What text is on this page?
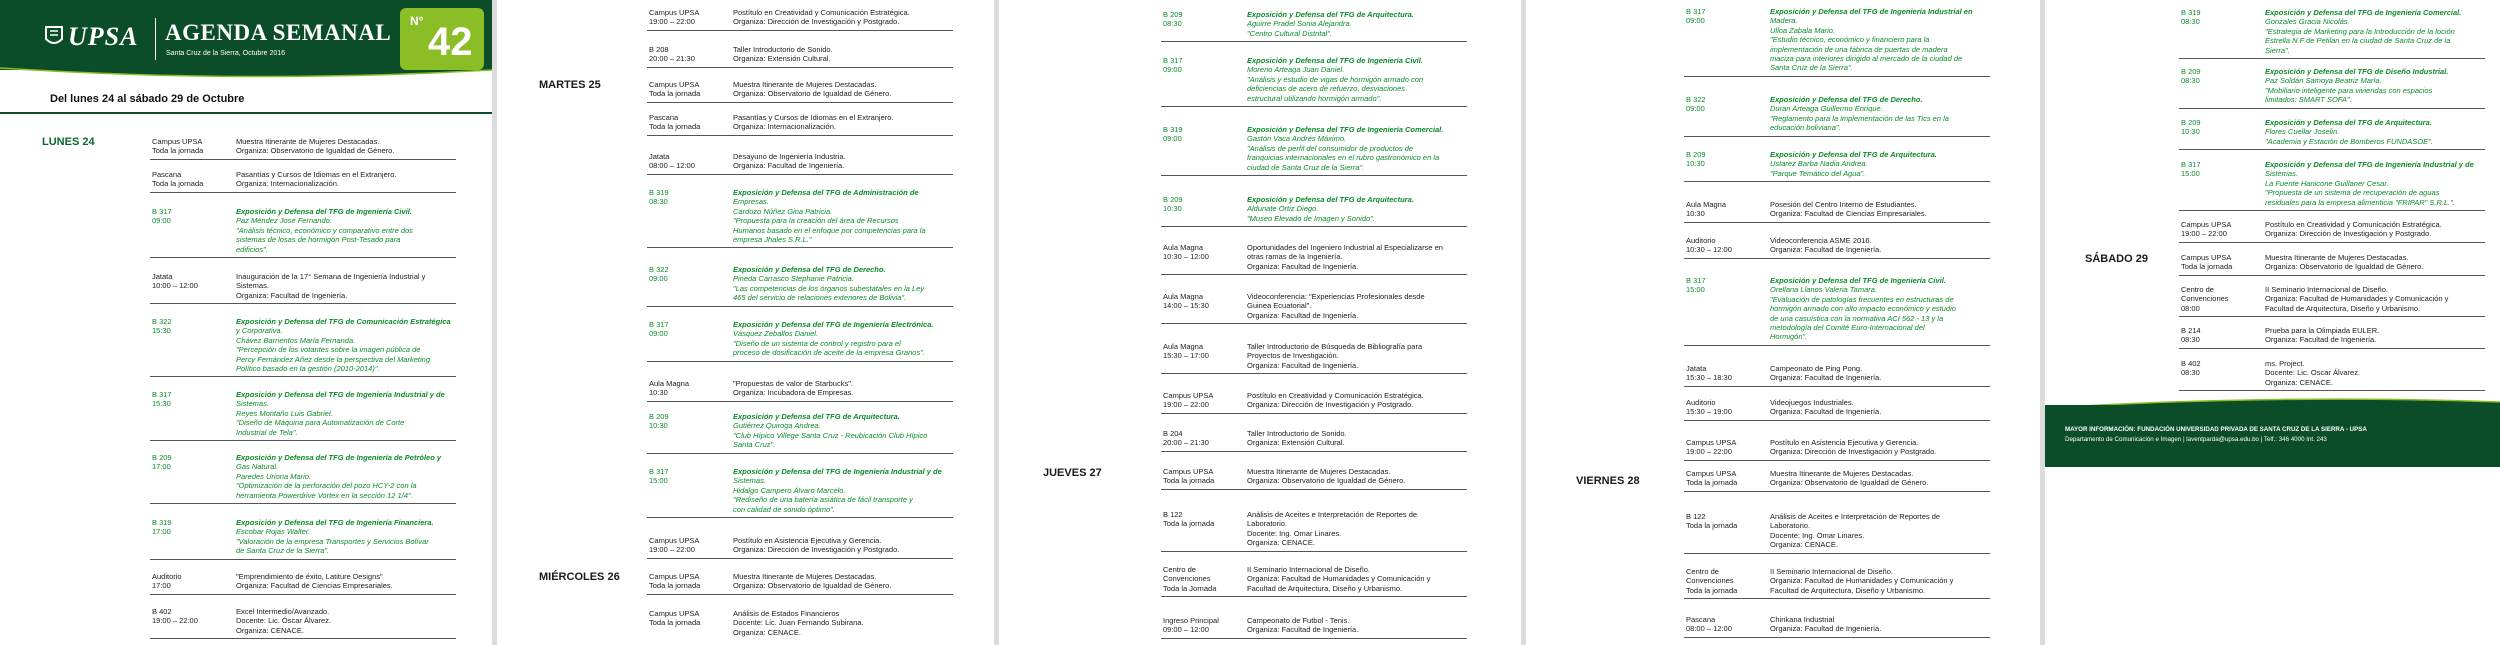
UPSA AGENDA SEMANAL
Santa Cruz de la Sierra, Octubre 2016
N° 42
Del lunes 24 al sábado 29 de Octubre
LUNES 24	Campus UPSA
Toda la jornada
Muestra Itinerante de Mujeres Destacadas.
Organiza: Observatorio de Igualdad de Género.
Pascana
Toda la jornada
Pasantías y Cursos de Idiomas en el Extranjero.
Organiza: Internacionalización.
B 317
09:00
Exposición y Defensa del TFG de Ingeniería Civil.
Paz Méndez José Fernando.
"Análisis técnico, económico y comparativo entre dos
sistemas de losas de hormigón Post-Tesado para
edificios".
Jatata
10:00 – 12:00
Inauguración de la 17° Semana de Ingeniería Industrial y
Sistemas.
Organiza: Facultad de Ingeniería.
B 322
15:30
Exposición y Defensa del TFG de Comunicación Estratégica
y Corporativa.
Chávez Barrientos María Fernanda.
"Percepción de los votantes sobre la imagen pública de
Percy Fernández Añez desde la perspectiva del Marketing
Político basado en la gestión (2010-2014)".
B 317
15:30
Exposición y Defensa del TFG de Ingeniería Industrial y de
Sistemas.
Reyes Montaño Luis Gabriel.
"Diseño de Máquina para Automatización de Corte
Industrial de Tela".
B 209
17:00
Exposición y Defensa del TFG de Ingeniería de Petróleo y
Gas Natural.
Paredes Uriona Mario.
"Optimización de la perforación del pozo HCY-2 con la
herramienta Powerdrive Vortex en la sección 12 1/4".
B 319
17:00
Exposición y Defensa del TFG de Ingeniería Financiera.
Escobar Rojas Walter.
"Valoración de la empresa Transportes y Servicios Bolívar
de Santa Cruz de la Sierra".
Auditorio
17:00
"Emprendimiento de éxito, Latiture Designs"
Organiza: Facultad de Ciencias Empresariales.
B 402
19:00 – 22:00
Excel Intermedio/Avanzado.
Docente: Lic. Óscar Álvarez.
Organiza: CENACE.
MARTES 25
MIÉRCOLES 26
Campus UPSA
19:00 – 22:00
Postítulo en Creatividad y Comunicación Estratégica.
Organiza: Dirección de Investigación y Postgrado.
B 208
20:00 – 21:30
Taller Introductorio de Sonido.
Organiza: Extensión Cultural.
Campus UPSA
Toda la jornada
Muestra Itinerante de Mujeres Destacadas.
Organiza: Observatorio de Igualdad de Género.
Pascana
Toda la jornada
Pasantías y Cursos de Idiomas en el Extranjero.
Organiza: Internacionalización.
Jatata
08:00 – 12:00
Desayuno de Ingeniería Industria.
Organiza: Facultad de Ingeniería.
B 319
08:30
Exposición y Defensa del TFG de Administración de
Empresas.
Cardozo Núñez Gina Patricia.
"Propuesta para la creación del área de Recursos
Humanos basado en el enfoque por competencias para la
empresa Jhales S.R.L."
B 322
09:00
Exposición y Defensa del TFG de Derecho.
Pineda Carrasco Stephanie Patricia.
"Las competencias de los órganos subestatales en la Ley
465 del servicio de relaciones exteriores de Bolivia".
B 317
09:00
Exposición y Defensa del TFG de Ingeniería Electrónica.
Vásquez Zeballos Daniel.
"Diseño de un sistema de control y registro para el
proceso de dosificación de aceite de la empresa Granos".
Aula Magna
10:30
"Propuestas de valor de Starbucks".
Organiza: Incubadora de Empresas.
B 209
10:30
Exposición y Defensa del TFG de Arquitectura.
Gutiérrez Quiroga Andrea.
"Club Hípico Villege Santa Cruz - Reubicación Club Hípico
Santa Cruz".
B 317
15:00
Exposición y Defensa del TFG de Ingeniería Industrial y de
Sistemas.
Hidalgo Campero Álvaro Marcelo.
"Rediseño de una batería asiática de fácil transporte y
con calidad de sonido óptimo".
Campus UPSA
19:00 – 22:00
Postítulo en Asistencia Ejecutiva y Gerencia.
Organiza: Dirección de Investigación y Postgrado.
Campus UPSA
Toda la jornada
Muestra Itinerante de Mujeres Destacadas.
Organiza: Observatorio de Igualdad de Género.
Campus UPSA
Toda la jornada
Análisis de Estados Financieros
Docente: Lic. Juan Fernando Subirana.
Organiza: CENACE.
JUEVES 27
B 209
08:30
Exposición y Defensa del TFG de Arquitectura.
Aguirre Pradel Sonia Alejandra.
"Centro Cultural Distrital".
B 317
09:00
Exposición y Defensa del TFG de Ingeniería Civil.
Moreno Arteaga Juan Daniel.
"Análisis y estudio de vigas de hormigón armado con
deficiencias de acero de refuerzo, desviaciones
estructural utilizando hormigón armado".
B 319
09:00
Exposición y Defensa del TFG de Ingeniería Comercial.
Gastón Vaca Andrés Máximo.
"Análisis de perfil del consumidor de productos de
franquicias internacionales en el rubro gastronómico en la
ciudad de Santa Cruz de la Sierra".
B 209
10:30
Exposición y Defensa del TFG de Arquitectura.
Aldunate Ortiz Diego.
"Museo Elevado de Imagen y Sonido".
Aula Magna
10:30 – 12:00
Oportunidades del Ingeniero Industrial al Especializarse en
otras ramas de la Ingeniería.
Organiza: Facultad de Ingeniería.
Aula Magna
14:00 – 15:30
Videoconferencia: "Experiencias Profesionales desde
Guinea Ecuatorial".
Organiza: Facultad de Ingeniería.
Aula Magna
15:30 – 17:00
Taller Introductorio de Búsqueda de Bibliografía para
Proyectos de Investigación.
Organiza: Facultad de Ingeniería.
Campus UPSA
19:00 – 22:00
Postítulo en Creatividad y Comunicación Estratégica.
Organiza: Dirección de Investigación y Postgrado.
B 204
20:00 – 21:30
Taller Introductorio de Sonido.
Organiza: Extensión Cultural.
Campus UPSA
Toda la jornada
Muestra Itinerante de Mujeres Destacadas.
Organiza: Observatorio de Igualdad de Género.
B 122
Toda la jornada
Análisis de Aceites e Interpretación de Reportes de
Laboratorio.
Docente: Ing. Omar Linares.
Organiza: CENACE.
Centro de
Convenciones
Toda la Jornada
II Seminario Internacional de Diseño.
Organiza: Facultad de Humanidades y Comunicación y
Facultad de Arquitectura, Diseño y Urbanismo.
Ingreso Principal
09:00 – 12:00
Campeonato de Futbol - Tenis.
Organiza: Facultad de Ingeniería.
VIERNES 28
B 317
09:00
Exposición y Defensa del TFG de Ingeniería Industrial en
Madera.
Ulloa Zabala Mario.
"Estudio técnico, económico y financiero para la
implementación de una fábrica de puertas de madera
maciza para interiores dirigido al mercado de la ciudad de
Santa Cruz de la Sierra".
B 322
09:00
Exposición y Defensa del TFG de Derecho.
Duran Arteaga Guillermo Enrique.
"Reglamento para la implementación de las Tics en la
educación boliviana".
B 209
10:30
Exposición y Defensa del TFG de Arquitectura.
Ustarez Barba Nadia Andrea.
"Parque Temático del Agua".
Aula Magna
10:30
Posesión del Centro Interno de Estudiantes.
Organiza: Facultad de Ciencias Empresariales.
Auditorio
10:30 – 12:00
Videoconferencia ASME 2016.
Organiza: Facultad de Ingeniería.
B 317
15:00
Exposición y Defensa del TFG de Ingeniería Civil.
Orellana Llanos Valeria Tamara.
"Evaluación de patologías frecuentes en estructuras de
hormigón armado con alto impacto económico y estudio
de una casuística con la normativa ACI 562 - 13 y la
metodología del Comité Euro-Internacional del
Hormigón".
Jatata
15:30 – 18:30
Campeonato de Ping Pong.
Organiza: Facultad de Ingeniería.
Auditorio
15:30 – 19:00
Videojuegos Industriales.
Organiza: Facultad de Ingeniería.
Campus UPSA
19:00 – 22:00
Postítulo en Asistencia Ejecutiva y Gerencia.
Organiza: Dirección de Investigación y Postgrado.
Campus UPSA
Toda la jornada
Muestra Itinerante de Mujeres Destacadas.
Organiza: Observatorio de Igualdad de Género.
B 122
Toda la jornada
Análisis de Aceites e Interpretación de Reportes de
Laboratorio.
Docente: Ing. Omar Linares.
Organiza: CENACE.
Centro de
Convenciones
Toda la jornada
II Seminario Internacional de Diseño.
Organiza: Facultad de Humanidades y Comunicación y
Facultad de Arquitectura, Diseño y Urbanismo.
Pascana
08:00 – 12:00
Chinkana Industrial
Organiza: Facultad de Ingeniería.
MAYOR INFORMACIÓN: FUNDACIÓN UNIVERSIDAD PRIVADA DE SANTA CRUZ DE LA SIERRA - UPSA
Departamento de Comunicación e Imagen | laventparda@upsa.edu.bo | Telf.: 346 4000 Int. 243
SÁBADO 29
B 319
08:30
Exposición y Defensa del TFG de Ingeniería Comercial.
Gonzales Gracia Nicolás.
"Estrategia de Marketing para la Introducción de la loción
Estrella N.F de Petilan en la ciudad de Santa Cruz de la
Sierra".
B 209
08:30
Exposición y Defensa del TFG de Diseño Industrial.
Paz Soldán Samoya Beatriz María.
"Mobiliario inteligente para viviendas con espacios
limitados: SMART SOFA".
B 209
10:30
Exposición y Defensa del TFG de Arquitectura.
Flores Cuellar Joselin.
"Academia y Estación de Bomberos FUNDASOE".
B 317
15:00
Exposición y Defensa del TFG de Ingeniería Industrial y de
Sistemas.
La Fuente Hanicone Guillaner Cesar.
"Propuesta de un sistema de recuperación de aguas
residuales para la empresa alimenticia "FRIPAR" S.R.L.".
Campus UPSA
19:00 – 22:00
Postítulo en Creatividad y Comunicación Estratégica.
Organiza: Dirección de Investigación y Postgrado.
Campus UPSA
Toda la jornada
Muestra Itinerante de Mujeres Destacadas.
Organiza: Observatorio de Igualdad de Género.
Centro de
Convenciones
08:00
II Seminario Internacional de Diseño.
Organiza: Facultad de Humanidades y Comunicación y
Facultad de Arquitectura, Diseño y Urbanismo.
B 214
08:30
Prueba para la Olimpiada EULER.
Organiza: Facultad de Ingeniería.
B 402
08:30
ms. Project.
Docente: Lic. Oscar Álvarez.
Organiza: CENACE.
